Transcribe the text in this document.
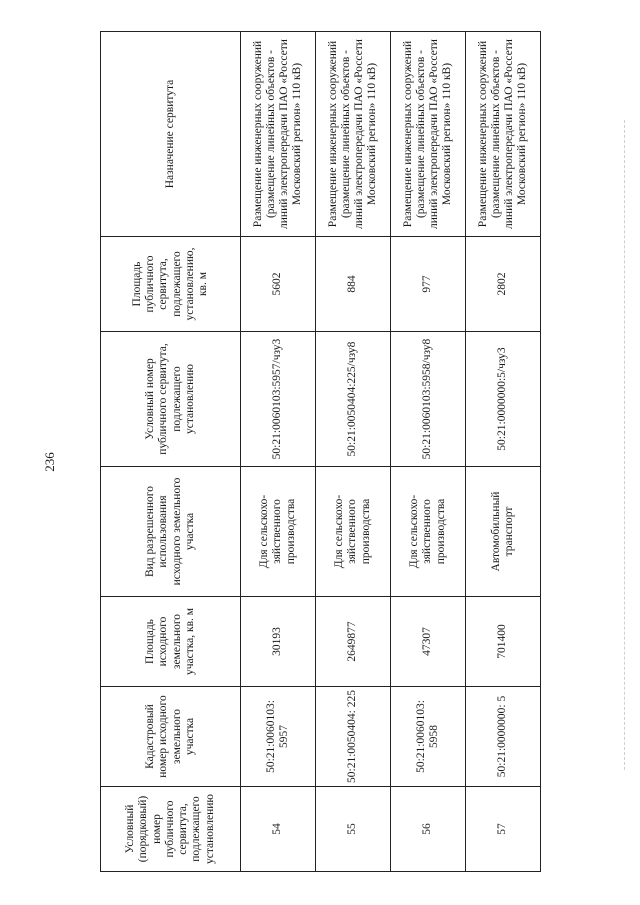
236
Условный (порядковый) номер публичного сервитута, подлежащего установлению	Кадастровый номер исходного земельного участка	Площадь исходного земельного участка, кв. м	Вид разрешенного использования исходного земельного участка	Условный номер публичного сервитута, подлежащего установлению	Площадь публичного сервитута, подлежащего установлению, кв. м	Назначение сервитута
54	50:21:0060103: 5957	30193	Для сельскохо-зяйственного производства	50:21:0060103:5957/чзу3	5602	Размещение инженерных сооружений (размещение линейных объектов - линий электропередачи ПАО «Россети Московский регион» 110 кВ)
55	50:21:0050404: 225	2649877	Для сельскохо-зяйственного производства	50:21:0050404:225/чзу8	884	Размещение инженерных сооружений (размещение линейных объектов - линий электропередачи ПАО «Россети Московский регион» 110 кВ)
56	50:21:0060103: 5958	47307	Для сельскохо-зяйственного производства	50:21:0060103:5958/чзу8	977	Размещение инженерных сооружений (размещение линейных объектов - линий электропередачи ПАО «Россети Московский регион» 110 кВ)
57	50:21:0000000: 5	701400	Автомобильный транспорт	50:21:0000000:5/чзу3	2802	Размещение инженерных сооружений (размещение линейных объектов - линий электропередачи ПАО «Россети Московский регион» 110 кВ)
